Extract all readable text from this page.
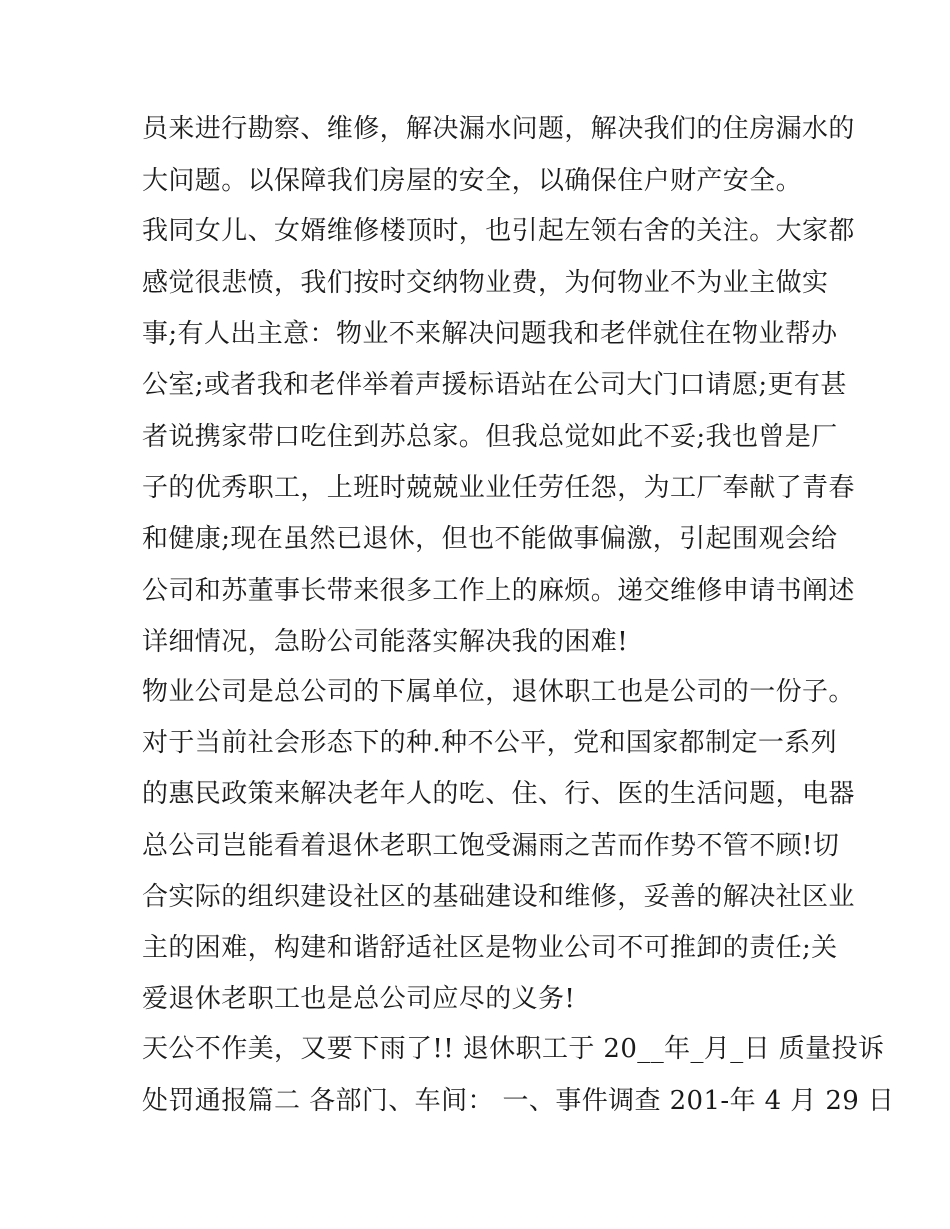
员来进行勘察、维修，解决漏水问题，解决我们的住房漏水的
大问题。以保障我们房屋的安全，以确保住户财产安全。
我同女儿、女婿维修楼顶时，也引起左领右舍的关注。大家都
感觉很悲愤，我们按时交纳物业费，为何物业不为业主做实
事;有人出主意：物业不来解决问题我和老伴就住在物业帮办
公室;或者我和老伴举着声援标语站在公司大门口请愿;更有甚
者说携家带口吃住到苏总家。但我总觉如此不妥;我也曾是厂
子的优秀职工，上班时兢兢业业任劳任怨，为工厂奉献了青春
和健康;现在虽然已退休，但也不能做事偏激，引起围观会给
公司和苏董事长带来很多工作上的麻烦。递交维修申请书阐述
详细情况，急盼公司能落实解决我的困难!
物业公司是总公司的下属单位，退休职工也是公司的一份子。
对于当前社会形态下的种.种不公平，党和国家都制定一系列
的惠民政策来解决老年人的吃、住、行、医的生活问题，电器
总公司岂能看着退休老职工饱受漏雨之苦而作势不管不顾!切
合实际的组织建设社区的基础建设和维修，妥善的解决社区业
主的困难，构建和谐舒适社区是物业公司不可推卸的责任;关
爱退休老职工也是总公司应尽的义务!
天公不作美，又要下雨了!! 退休职工于 20__年_月_日 质量投诉
处罚通报篇二 各部门、车间： 一、事件调查 201-年 4 月 29 日
